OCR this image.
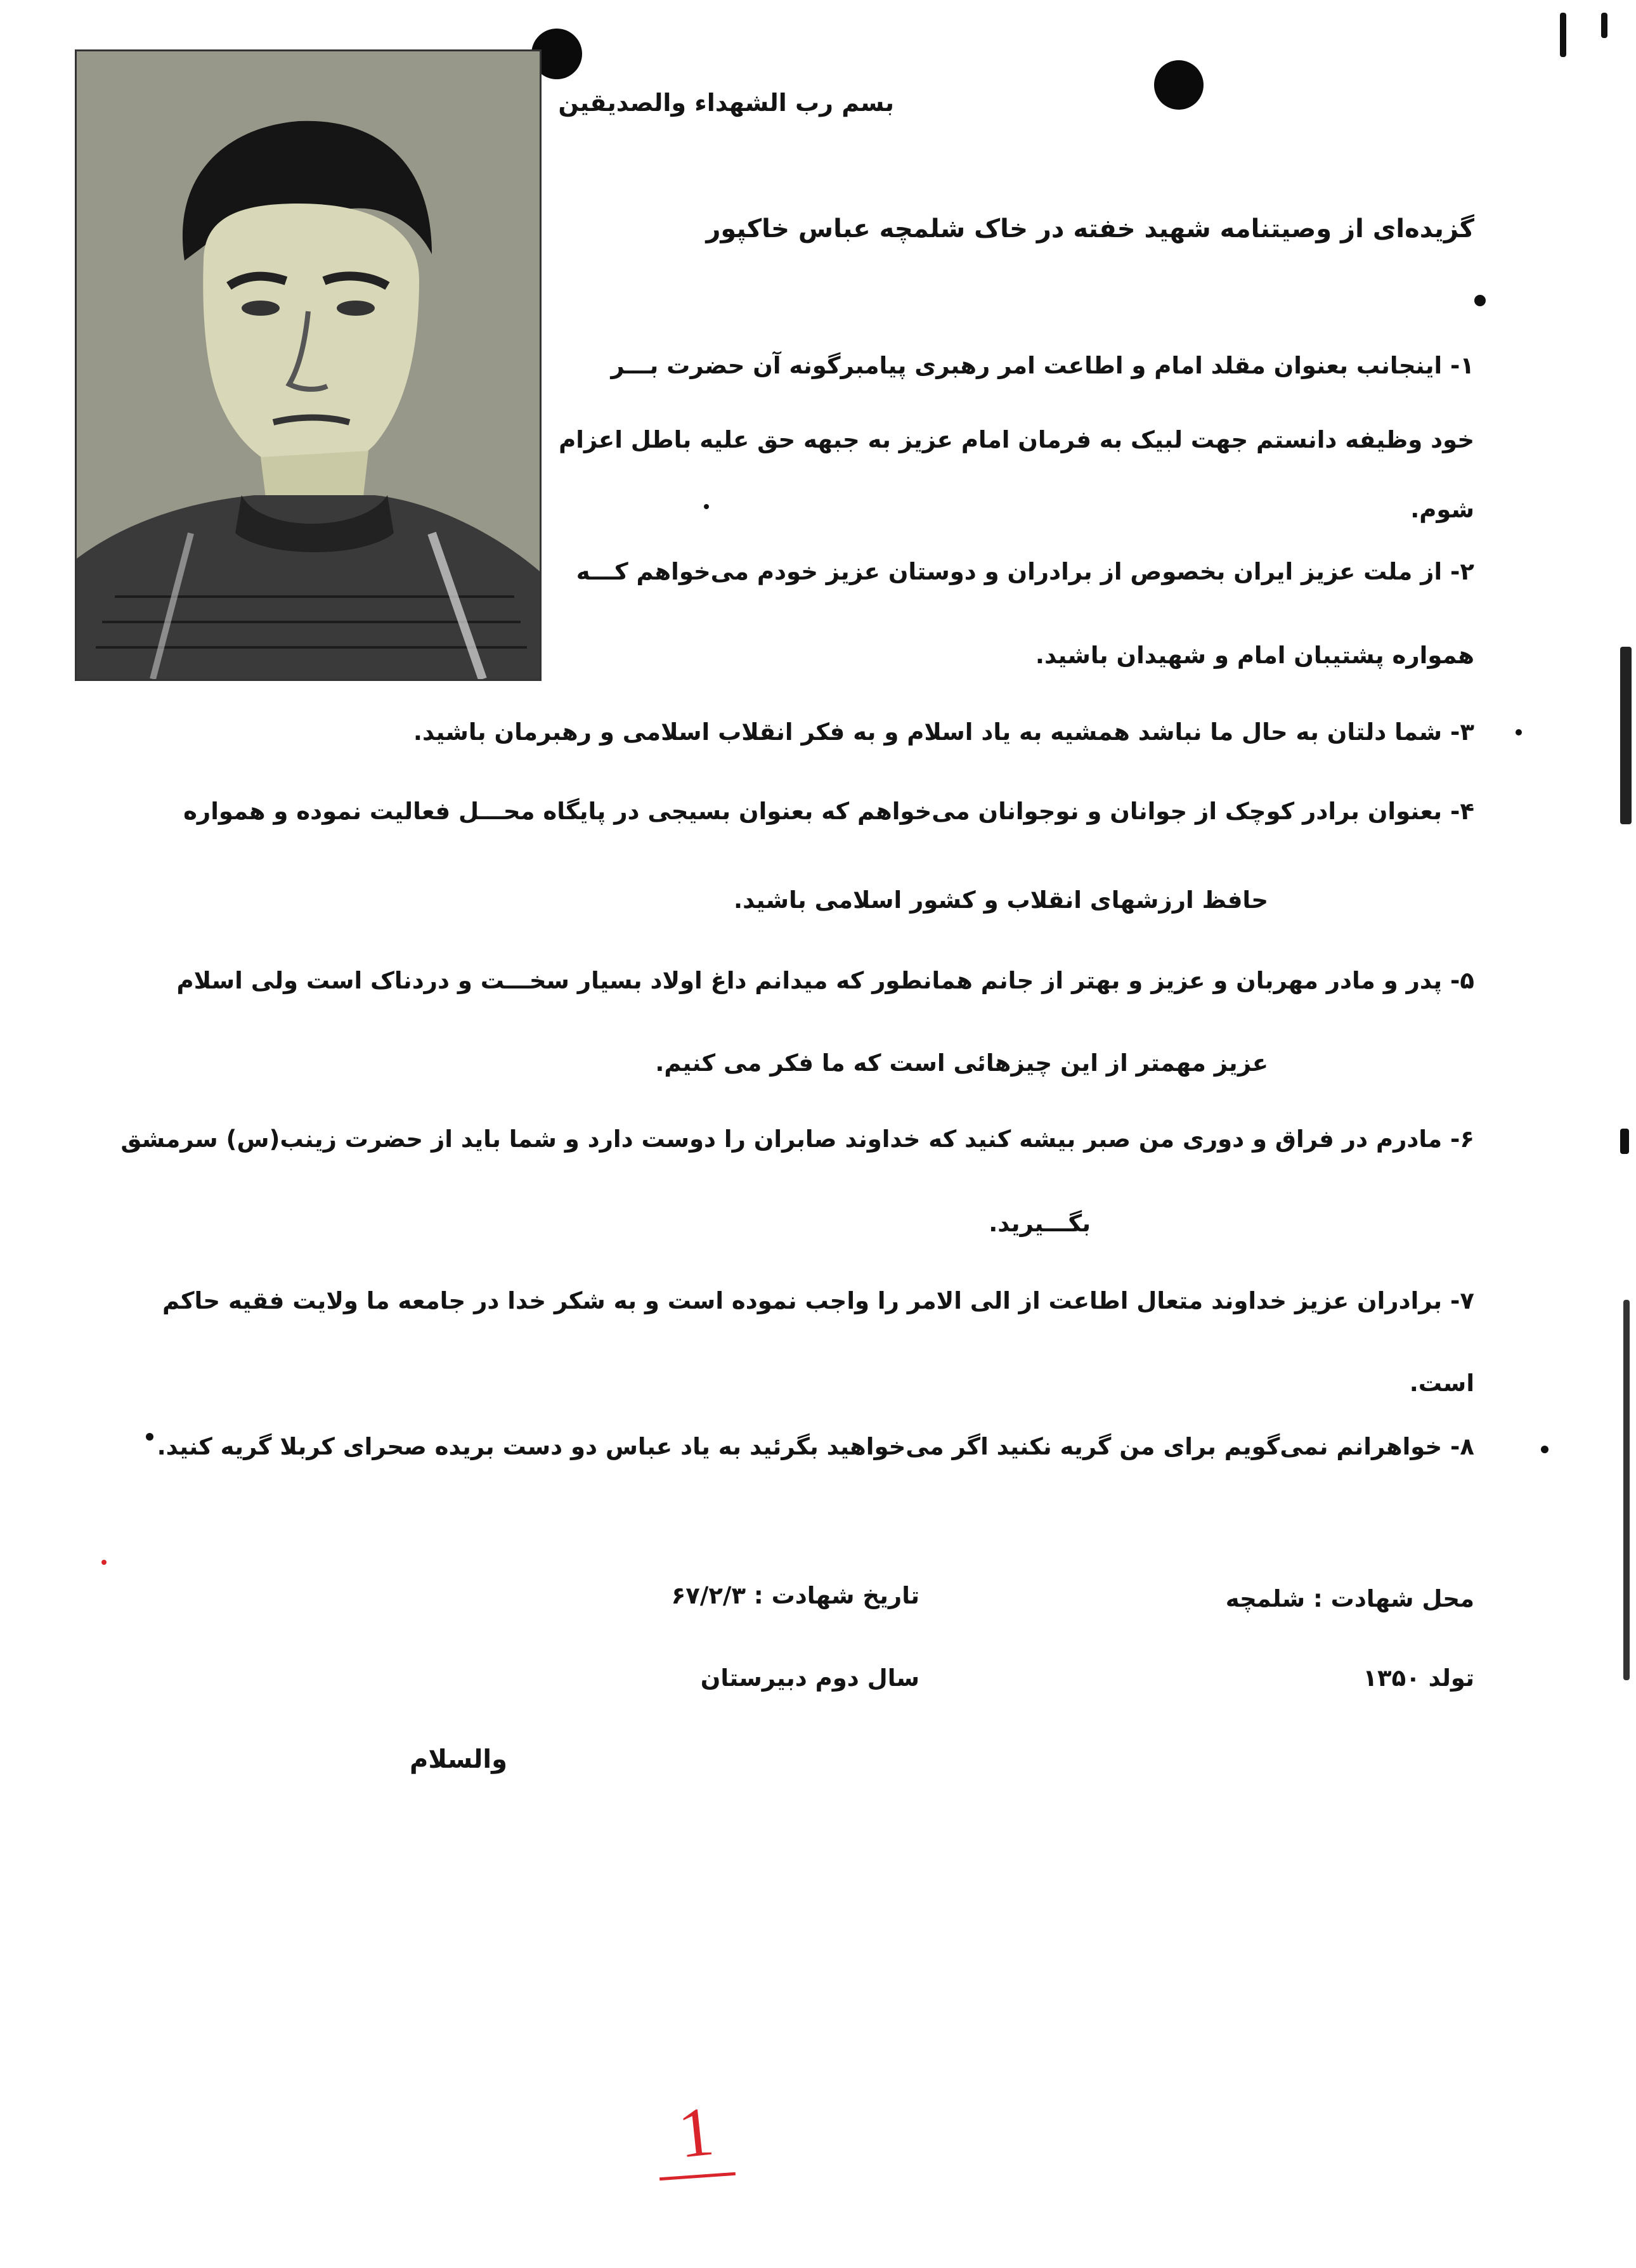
بسم رب الشهداء والصديقین
گزیده‌ای از وصیتنامه شهید خفته در خاک شلمچه عباس خاکپور
۱- اینجانب بعنوان مقلد امام و اطاعت امر رهبری پیامبرگونه آن حضرت بـــر
خود وظیفه دانستم جهت لبیک به فرمان امام عزیز به جبهه حق علیه باطل اعزام
شوم.
۲- از ملت عزیز ایران بخصوص از برادران و دوستان عزیز خودم می‌خواهم کـــه
همواره پشتیبان امام و شهیدان باشید.
۳- شما دلتان به حال ما نباشد همشیه به یاد اسلام و به فکر انقلاب اسلامی و رهبرمان باشید.
۴- بعنوان برادر کوچک از جوانان و نوجوانان می‌خواهم که بعنوان بسیجی در پایگاه محـــل فعالیت نموده و همواره
حافظ ارزشهای انقلاب و کشور اسلامی باشید.
۵- پدر و مادر مهربان و عزیز و بهتر از جانم همانطور که میدانم داغ اولاد بسیار سخـــت و دردناک است ولی اسلام
عزیز مهمتر از این چیزهائی است که ما فکر می کنیم.
۶- مادرم در فراق و دوری من صبر بیشه کنید که خداوند صابران را دوست دارد و شما باید از حضرت زینب(س) سرمشق
بگـــیرید.
۷- برادران عزیز خداوند متعال اطاعت از الی الامر را واجب نموده است و به شکر خدا در جامعه ما ولایت فقیه حاکم
است.
۸- خواهرانم نمی‌گویم برای من گریه نکنید اگر می‌خواهید بگرئید به یاد عباس دو دست بریده صحرای کربلا گریه کنید.
محل شهادت : شلمچه
تاریخ شهادت : ۶۷/۲/۳
تولد ۱۳۵۰
سال دوم دبیرستان
والسلام
1
